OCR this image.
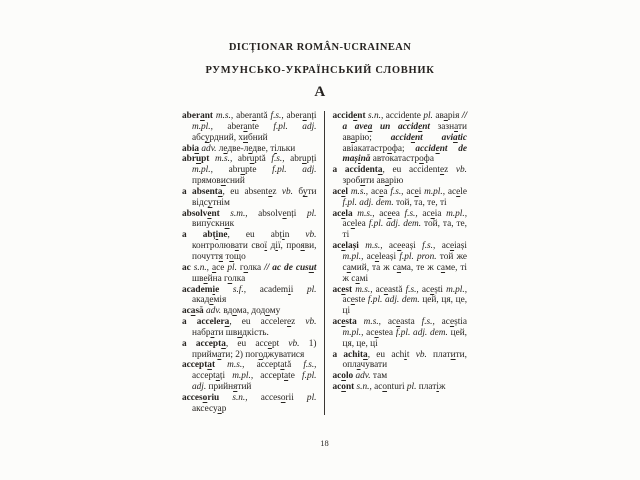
DICȚIONAR ROMÂN-UCRAINEAN
РУМУНСЬКО-УКРАЇНСЬКИЙ СЛОВНИК
A
aberant m.s., aberantă f.s., aberanți m.pl., aberante f.pl. adj. абсурдний, хибний
abia adv. ледве-ледве, тільки
abrupt m.s., abruptă f.s., abrupți m.pl., abrupte f.pl. adj. прямовисний
a absenta, eu absentez vb. бути відсутнім
absolvent s.m., absolvenți pl. випускник
a abține, eu abțin vb. контролювати свої дії, прояви, почуття тощо
ac s.n., ace pl. голка // ac de cusut швейна голка
academie s.f., academii pl. академія
acasă adv. вдома, додому
a accelera, eu accelerez vb. набрати швидкість.
a accepta, eu accept vb. 1) приймати; 2) погоджуватися
acceptat m.s., acceptată f.s., acceptați m.pl., acceptate f.pl. adj. прийнятий
accesoriu s.n., accesorii pl. аксесуар
accident s.n., accidente pl. аварія // a avea un accident зазнати аварію; accident aviatic авіакатастрофа; accident de mașină автокатастрофа
a accidenta, eu accidentez vb. зробити аварію
acel m.s., acea f.s., acei m.pl., acele f.pl. adj. dem. той, та, те, ті
acela m.s., aceea f.s., aceia m.pl., acelea f.pl. adj. dem. той, та, те, ті
același m.s., aceeași f.s., aceiași m.pl., aceleași f.pl. pron. той же самий, та ж сама, те ж саме, ті ж самі
acest m.s., această f.s., acești m.pl., aceste f.pl. adj. dem. цей, ця, це, ці
acesta m.s., aceasta f.s., aceștia m.pl., acestea f.pl. adj. dem. цей, ця, це, ці
a achita, eu achit vb. платити, оплачувати
acolo adv. там
acont s.n., aconturi pl. платіж
18
